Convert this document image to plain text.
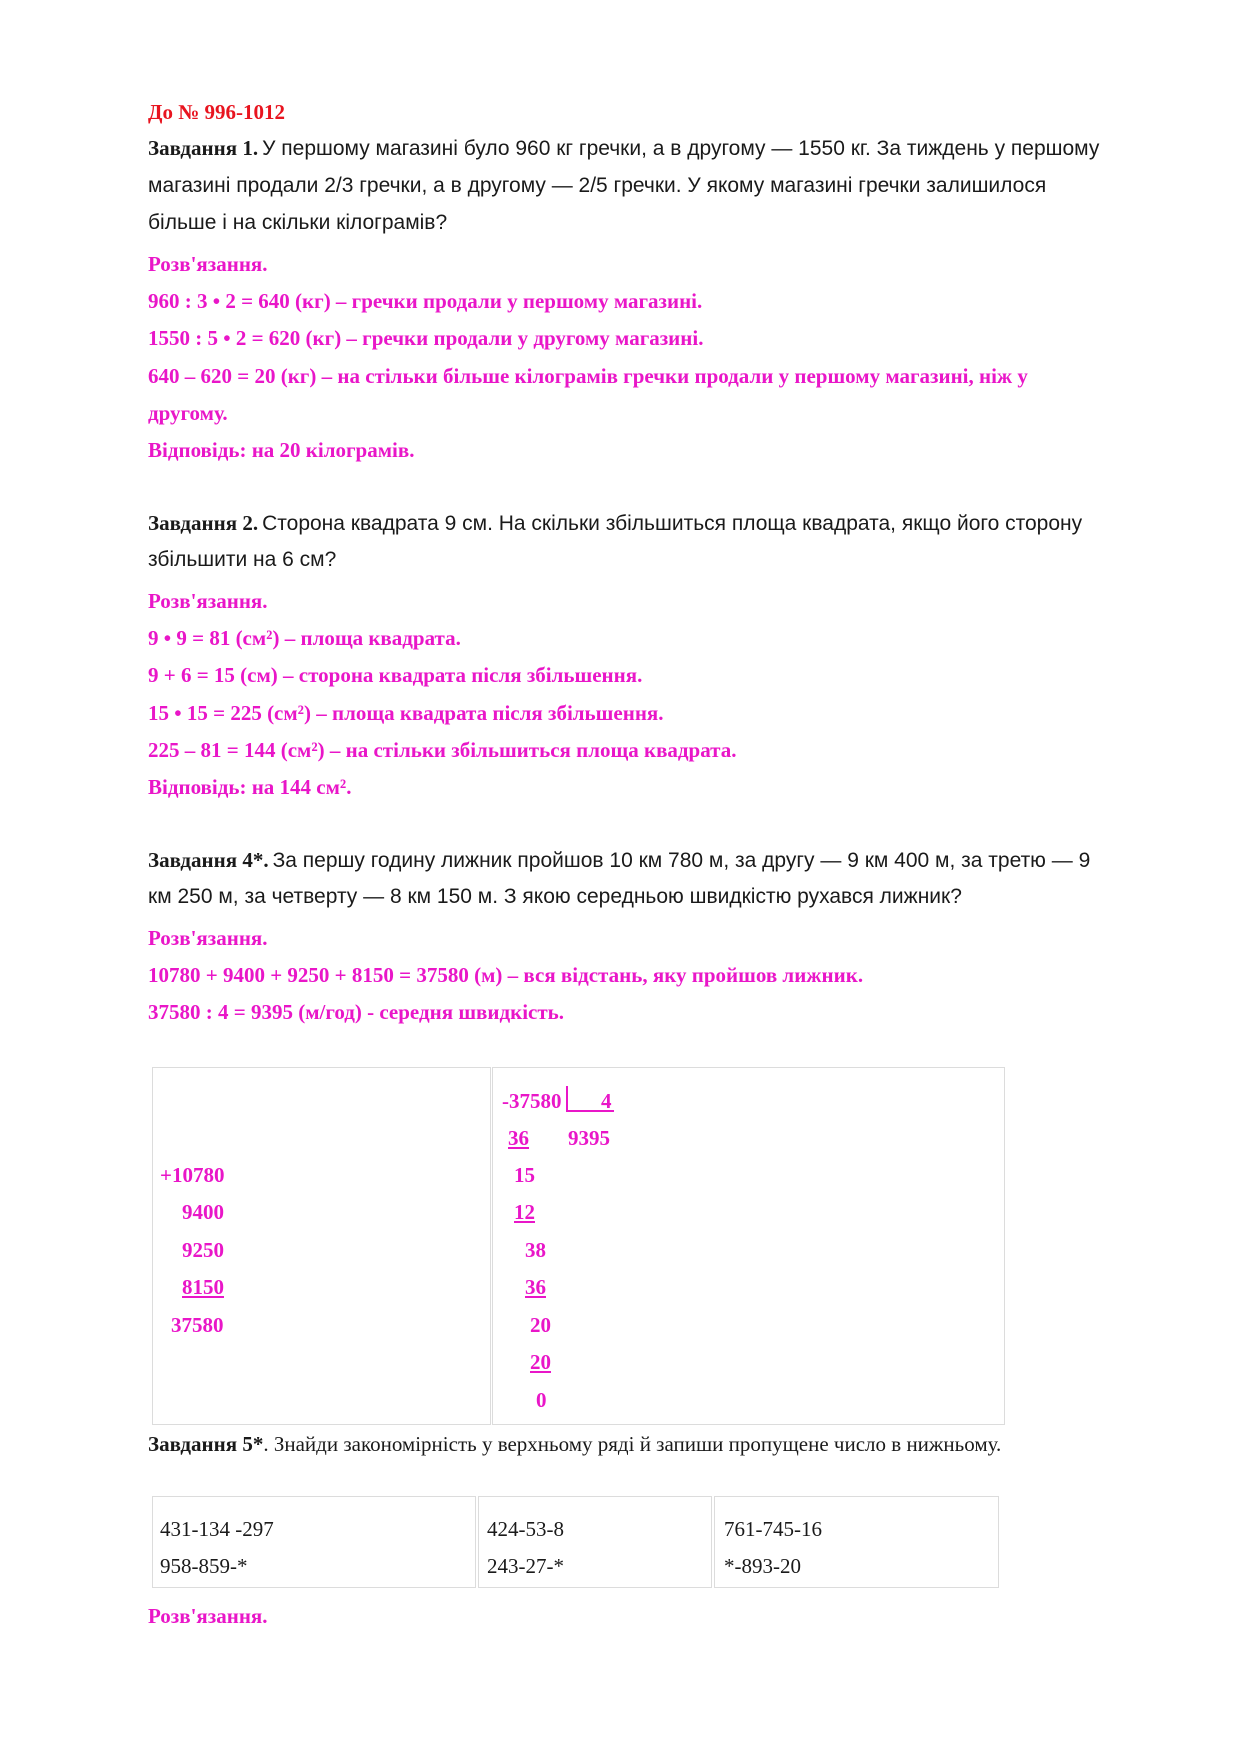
До № 996-1012
Завдання 1. У першому магазині було 960 кг гречки, а в другому — 1550 кг. За тиждень у першому
магазині продали 2/3 гречки, а в другому — 2/5 гречки. У якому магазині гречки залишилося
більше і на скільки кілограмів?
Розв'язання.
960 : 3 • 2 = 640 (кг) – гречки продали у першому магазині.
1550 : 5 • 2 = 620 (кг) – гречки продали у другому магазині.
640 – 620 = 20 (кг) – на стільки більше кілограмів гречки продали у першому магазині, ніж у
другому.
Відповідь: на 20 кілограмів.
Завдання 2. Сторона квадрата 9 см. На скільки збільшиться площа квадрата, якщо його сторону
збільшити на 6 см?
Розв'язання.
9 • 9 = 81 (см²) – площа квадрата.
9 + 6 = 15 (см) – сторона квадрата після збільшення.
15 • 15 = 225 (см²) – площа квадрата після збільшення.
225 – 81 = 144 (см²) – на стільки збільшиться площа квадрата.
Відповідь: на 144 см².
Завдання 4*. За першу годину лижник пройшов 10 км 780 м, за другу — 9 км 400 м, за третю — 9
км 250 м, за четверту — 8 км 150 м. З якою середньою швидкістю рухався лижник?
Розв'язання.
10780 + 9400 + 9250 + 8150 = 37580 (м) – вся відстань, яку пройшов лижник.
37580 : 4 = 9395 (м/год) - середня швидкість.
+10780
9400
9250
8150
37580
-37580 4
36 9395
15
12
38
36
20
20
0
Завдання 5*. Знайди закономірність у верхньому ряді й запиши пропущене число в нижньому.
431-134 -297
958-859-*
424-53-8
243-27-*
761-745-16
*-893-20
Розв'язання.
